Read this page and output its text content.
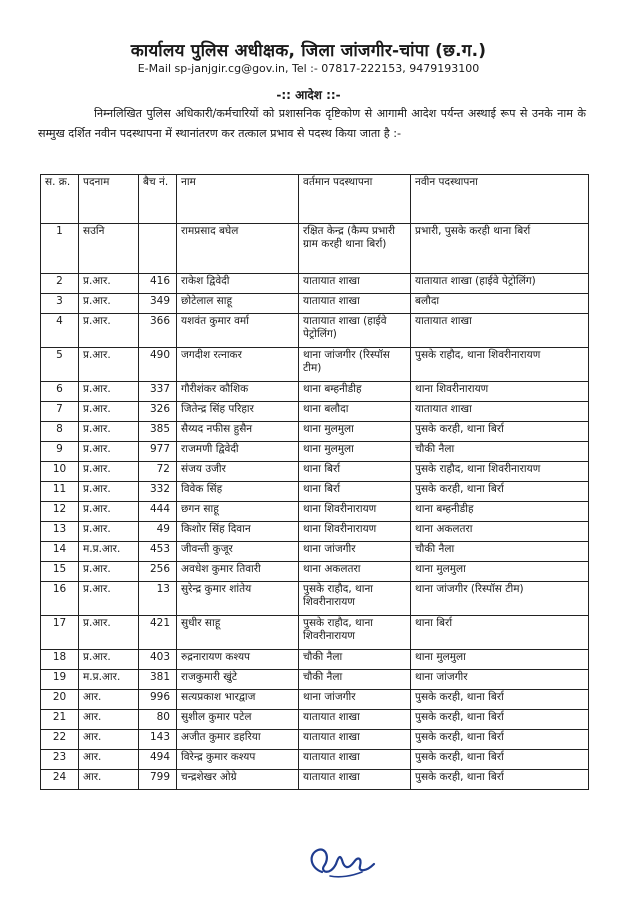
कार्यालय पुलिस अधीक्षक, जिला जांजगीर-चांपा (छ.ग.)
E-Mail sp-janjgir.cg@gov.in, Tel :- 07817-222153, 9479193100
-:: आदेश ::-
निम्नलिखित पुलिस अधिकारी/कर्मचारियों को प्रशासनिक दृष्टिकोण से आगामी आदेश पर्यन्त अस्थाई रूप से उनके नाम के सम्मुख दर्शित नवीन पदस्थापना में स्थानांतरण कर तत्काल प्रभाव से पदस्थ किया जाता है :-
स. क्र.	पदनाम	बैच नं.	नाम	वर्तमान पदस्थापना	नवीन पदस्थापना
1	सउनि		रामप्रसाद बघेल	रक्षित केन्द्र (कैम्प प्रभारी ग्राम करही थाना बिर्रा)	प्रभारी, पुसके करही थाना बिर्रा
2	प्र.आर.	416	राकेश द्विवेदी	यातायात शाखा	यातायात शाखा (हाईवे पेट्रोलिंग)
3	प्र.आर.	349	छोटेलाल साहू	यातायात शाखा	बलौदा
4	प्र.आर.	366	यशवंत कुमार वर्मा	यातायात शाखा (हाईवे पेट्रोलिंग)	यातायात शाखा
5	प्र.आर.	490	जगदीश रत्नाकर	थाना जांजगीर (रिस्पॉस टीम)	पुसके राहौद, थाना शिवरीनारायण
6	प्र.आर.	337	गौरीशंकर कौशिक	थाना बम्हनीडीह	थाना शिवरीनारायण
7	प्र.आर.	326	जितेन्द्र सिंह परिहार	थाना बलौदा	यातायात शाखा
8	प्र.आर.	385	सैय्यद नफीस हुसैन	थाना मुलमुला	पुसके करही, थाना बिर्रा
9	प्र.आर.	977	राजमणी द्विवेदी	थाना मुलमुला	चौकी नैला
10	प्र.आर.	72	संजय उजीर	थाना बिर्रा	पुसके राहौद, थाना शिवरीनारायण
11	प्र.आर.	332	विवेक सिंह	थाना बिर्रा	पुसके करही, थाना बिर्रा
12	प्र.आर.	444	छगन साहू	थाना शिवरीनारायण	थाना बम्हनीडीह
13	प्र.आर.	49	किशोर सिंह दिवान	थाना शिवरीनारायण	थाना अकलतरा
14	म.प्र.आर.	453	जीवन्ती कुजूर	थाना जांजगीर	चौकी नैला
15	प्र.आर.	256	अवधेश कुमार तिवारी	थाना अकलतरा	थाना मुलमुला
16	प्र.आर.	13	सुरेन्द्र कुमार शांतेय	पुसके राहौद, थाना शिवरीनारायण	थाना जांजगीर (रिस्पॉस टीम)
17	प्र.आर.	421	सुधीर साहू	पुसके राहौद, थाना शिवरीनारायण	थाना बिर्रा
18	प्र.आर.	403	रुद्रनारायण कश्यप	चौकी नैला	थाना मुलमुला
19	म.प्र.आर.	381	राजकुमारी खुंटे	चौकी नैला	थाना जांजगीर
20	आर.	996	सत्यप्रकाश भारद्वाज	थाना जांजगीर	पुसके करही, थाना बिर्रा
21	आर.	80	सुशील कुमार पटेल	यातायात शाखा	पुसके करही, थाना बिर्रा
22	आर.	143	अजीत कुमार डहरिया	यातायात शाखा	पुसके करही, थाना बिर्रा
23	आर.	494	विरेन्द्र कुमार कश्यप	यातायात शाखा	पुसके करही, थाना बिर्रा
24	आर.	799	चन्द्रशेखर ओग्रे	यातायात शाखा	पुसके करही, थाना बिर्रा
